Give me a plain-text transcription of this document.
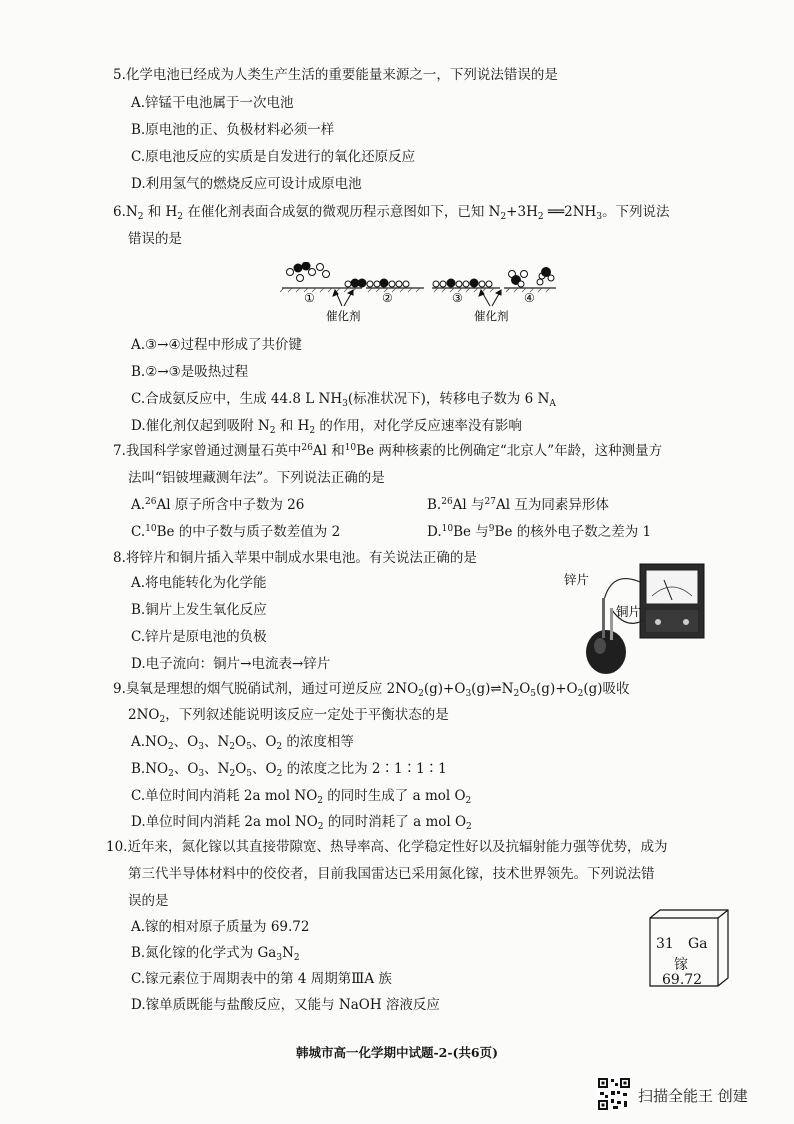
5.化学电池已经成为人类生产生活的重要能量来源之一，下列说法错误的是
A.锌锰干电池属于一次电池
B.原电池的正、负极材料必须一样
C.原电池反应的实质是自发进行的氧化还原反应
D.利用氢气的燃烧反应可设计成原电池
$6.N_2$ 和 $H_2$ 在催化剂表面合成氨的微观历程示意图如下，已知 $N_2+3H_2$ $══2NH_3$。下列说法
错误的是
①	②	③	④
催化剂	催化剂
A.③→④过程中形成了共价键
B.②→③是吸热过程
C.合成氨反应中，生成 44.8 L $NH_3$(标准状况下)，转移电子数为 6 $N_A$
D.催化剂仅起到吸附 $N_2$ 和 $H_2$ 的作用，对化学反应速率没有影响
7.我国科学家曾通过测量石英中$^{26}$Al 和$^{10}$Be 两种核素的比例确定“北京人”年龄，这种测量方
法叫“铝铍埋藏测年法”。下列说法正确的是
A.$^{26}$Al 原子所含中子数为 26	B.$^{26}$Al 与$^{27}$Al 互为同素异形体
C.$^{10}$Be 的中子数与质子数差值为 2	D.$^{10}$Be 与$^9$Be 的核外电子数之差为 1
8.将锌片和铜片插入苹果中制成水果电池。有关说法正确的是
A.将电能转化为化学能
B.铜片上发生氧化反应
C.锌片是原电池的负极
D.电子流向：铜片→电流表→锌片
锌片
铜片
9.臭氧是理想的烟气脱硝试剂，通过可逆反应 $2NO_2(g)+O_3(g)\rightleftharpoons N_2O_5(g)+O_2(g)$吸收
$2NO_2$，下列叙述能说明该反应一定处于平衡状态的是
$A.NO_2$、$O_3$、$N_2O_5$、$O_2$ 的浓度相等
$B.NO_2$、$O_3$、$N_2O_5$、$O_2$ 的浓度之比为 2∶1∶1∶1
C.单位时间内消耗 2a mol $NO_2$ 的同时生成了 a mol $O_2$
D.单位时间内消耗 2a mol $NO_2$ 的同时消耗了 a mol $O_2$
10.近年来，氮化镓以其直接带隙宽、热导率高、化学稳定性好以及抗辐射能力强等优势，成为
第三代半导体材料中的佼佼者，目前我国雷达已采用氮化镓，技术世界领先。下列说法错
误的是
A.镓的相对原子质量为 69.72
B.氮化镓的化学式为 $Ga_3N_2$
C.镓元素位于周期表中的第 4 周期第ⅢA 族
D.镓单质既能与盐酸反应，又能与 NaOH 溶液反应
31 Ga
镓
69.72
韩城市高一化学期中试题-2-(共6页)
扫描全能王 创建
